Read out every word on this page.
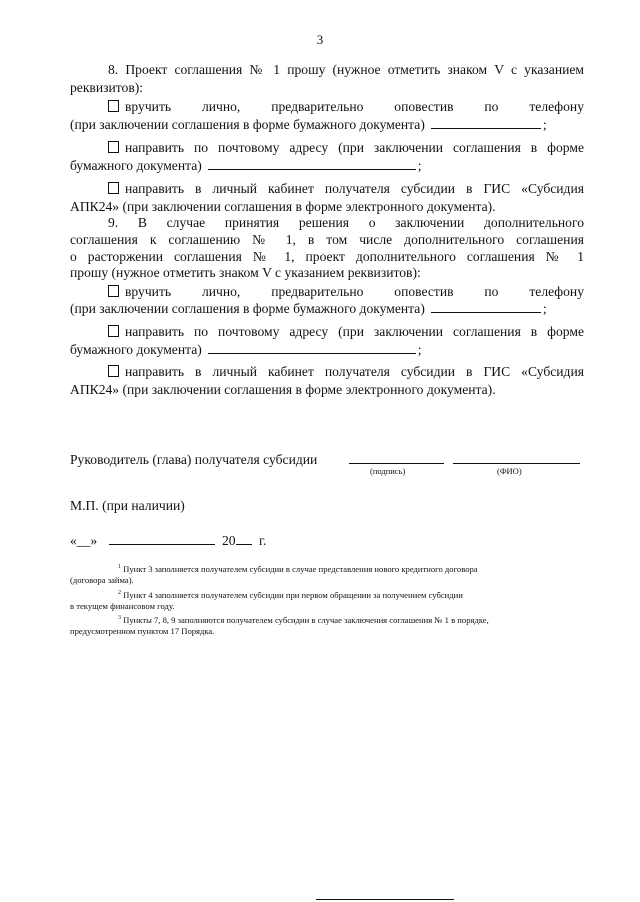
3
8. Проект соглашения № 1 прошу (нужное отметить знаком V с указанием
реквизитов):
вручить лично, предварительно оповестив по телефону
(при заключении соглашения в форме бумажного документа)	;
направить по почтовому адресу (при заключении соглашения в форме
бумажного документа)	;
направить в личный кабинет получателя субсидии в ГИС «Субсидия
АПК24» (при заключении соглашения в форме электронного документа).
9. В случае принятия решения о заключении дополнительного
соглашения к соглашению № 1, в том числе дополнительного соглашения
о расторжении соглашения № 1, проект дополнительного соглашения № 1
прошу (нужное отметить знаком V с указанием реквизитов):
вручить лично, предварительно оповестив по телефону
(при заключении соглашения в форме бумажного документа)	;
направить по почтовому адресу (при заключении соглашения в форме
бумажного документа)	;
направить в личный кабинет получателя субсидии в ГИС «Субсидия
АПК24» (при заключении соглашения в форме электронного документа).
Руководитель (глава) получателя субсидии
(подпись)	(ФИО)
М.П. (при наличии)
«__»	20 г.
$^1$ Пункт 3 заполняется получателем субсидии в случае представления нового кредитного договора
(договора займа).
$^2$ Пункт 4 заполняется получателем субсидии при первом обращении за получением субсидии
в текущем финансовом году.
$^3$ Пункты 7, 8, 9 заполняются получателем субсидии в случае заключения соглашения № 1 в порядке,
предусмотренном пунктом 17 Порядка.
